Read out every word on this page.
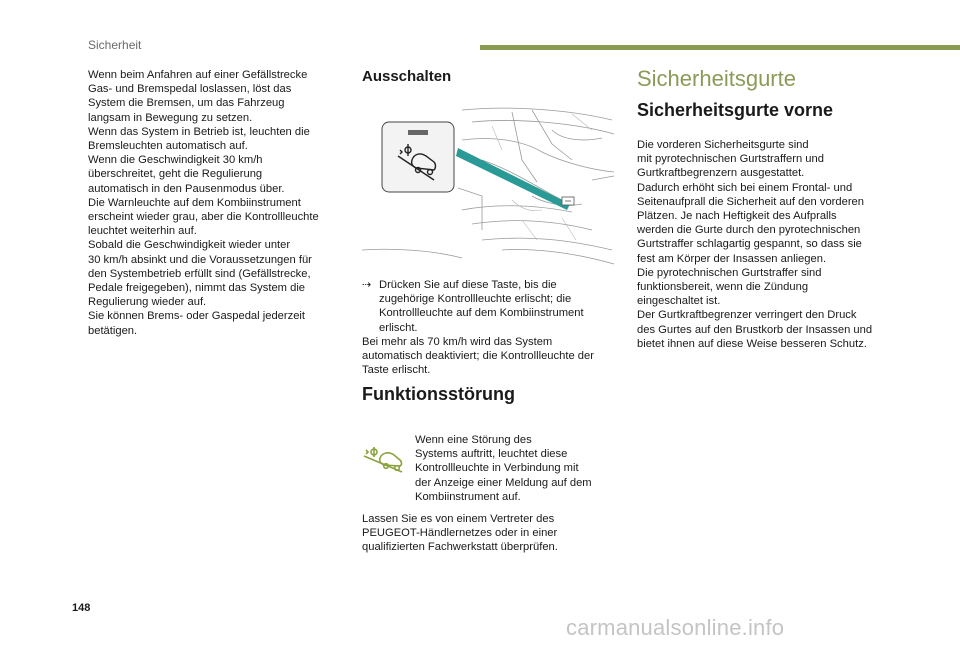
Sicherheit
Wenn beim Anfahren auf einer Gefällstrecke
Gas- und Bremspedal loslassen, löst das
System die Bremsen, um das Fahrzeug
langsam in Bewegung zu setzen.
Wenn das System in Betrieb ist, leuchten die
Bremsleuchten automatisch auf.
Wenn die Geschwindigkeit 30 km/h
überschreitet, geht die Regulierung
automatisch in den Pausenmodus über.
Die Warnleuchte auf dem Kombiinstrument
erscheint wieder grau, aber die Kontrollleuchte
leuchtet weiterhin auf.
Sobald die Geschwindigkeit wieder unter
30 km/h absinkt und die Voraussetzungen für
den Systembetrieb erfüllt sind (Gefällstrecke,
Pedale freigegeben), nimmt das System die
Regulierung wieder auf.
Sie können Brems- oder Gaspedal jederzeit
betätigen.
Ausschalten
⇢ Drücken Sie auf diese Taste, bis die
zugehörige Kontrollleuchte erlischt; die
Kontrollleuchte auf dem Kombiinstrument
erlischt.
Bei mehr als 70 km/h wird das System
automatisch deaktiviert; die Kontrollleuchte der
Taste erlischt.
Funktionsstörung
Wenn eine Störung des
Systems auftritt, leuchtet diese
Kontrollleuchte in Verbindung mit
der Anzeige einer Meldung auf dem
Kombiinstrument auf.
Lassen Sie es von einem Vertreter des
PEUGEOT-Händlernetzes oder in einer
qualifizierten Fachwerkstatt überprüfen.
Sicherheitsgurte
Sicherheitsgurte vorne
Die vorderen Sicherheitsgurte sind
mit pyrotechnischen Gurtstraffern und
Gurtkraftbegrenzern ausgestattet.
Dadurch erhöht sich bei einem Frontal- und
Seitenaufprall die Sicherheit auf den vorderen
Plätzen. Je nach Heftigkeit des Aufpralls
werden die Gurte durch den pyrotechnischen
Gurtstraffer schlagartig gespannt, so dass sie
fest am Körper der Insassen anliegen.
Die pyrotechnischen Gurtstraffer sind
funktionsbereit, wenn die Zündung
eingeschaltet ist.
Der Gurtkraftbegrenzer verringert den Druck
des Gurtes auf den Brustkorb der Insassen und
bietet ihnen auf diese Weise besseren Schutz.
148
carmanualsonline.info
